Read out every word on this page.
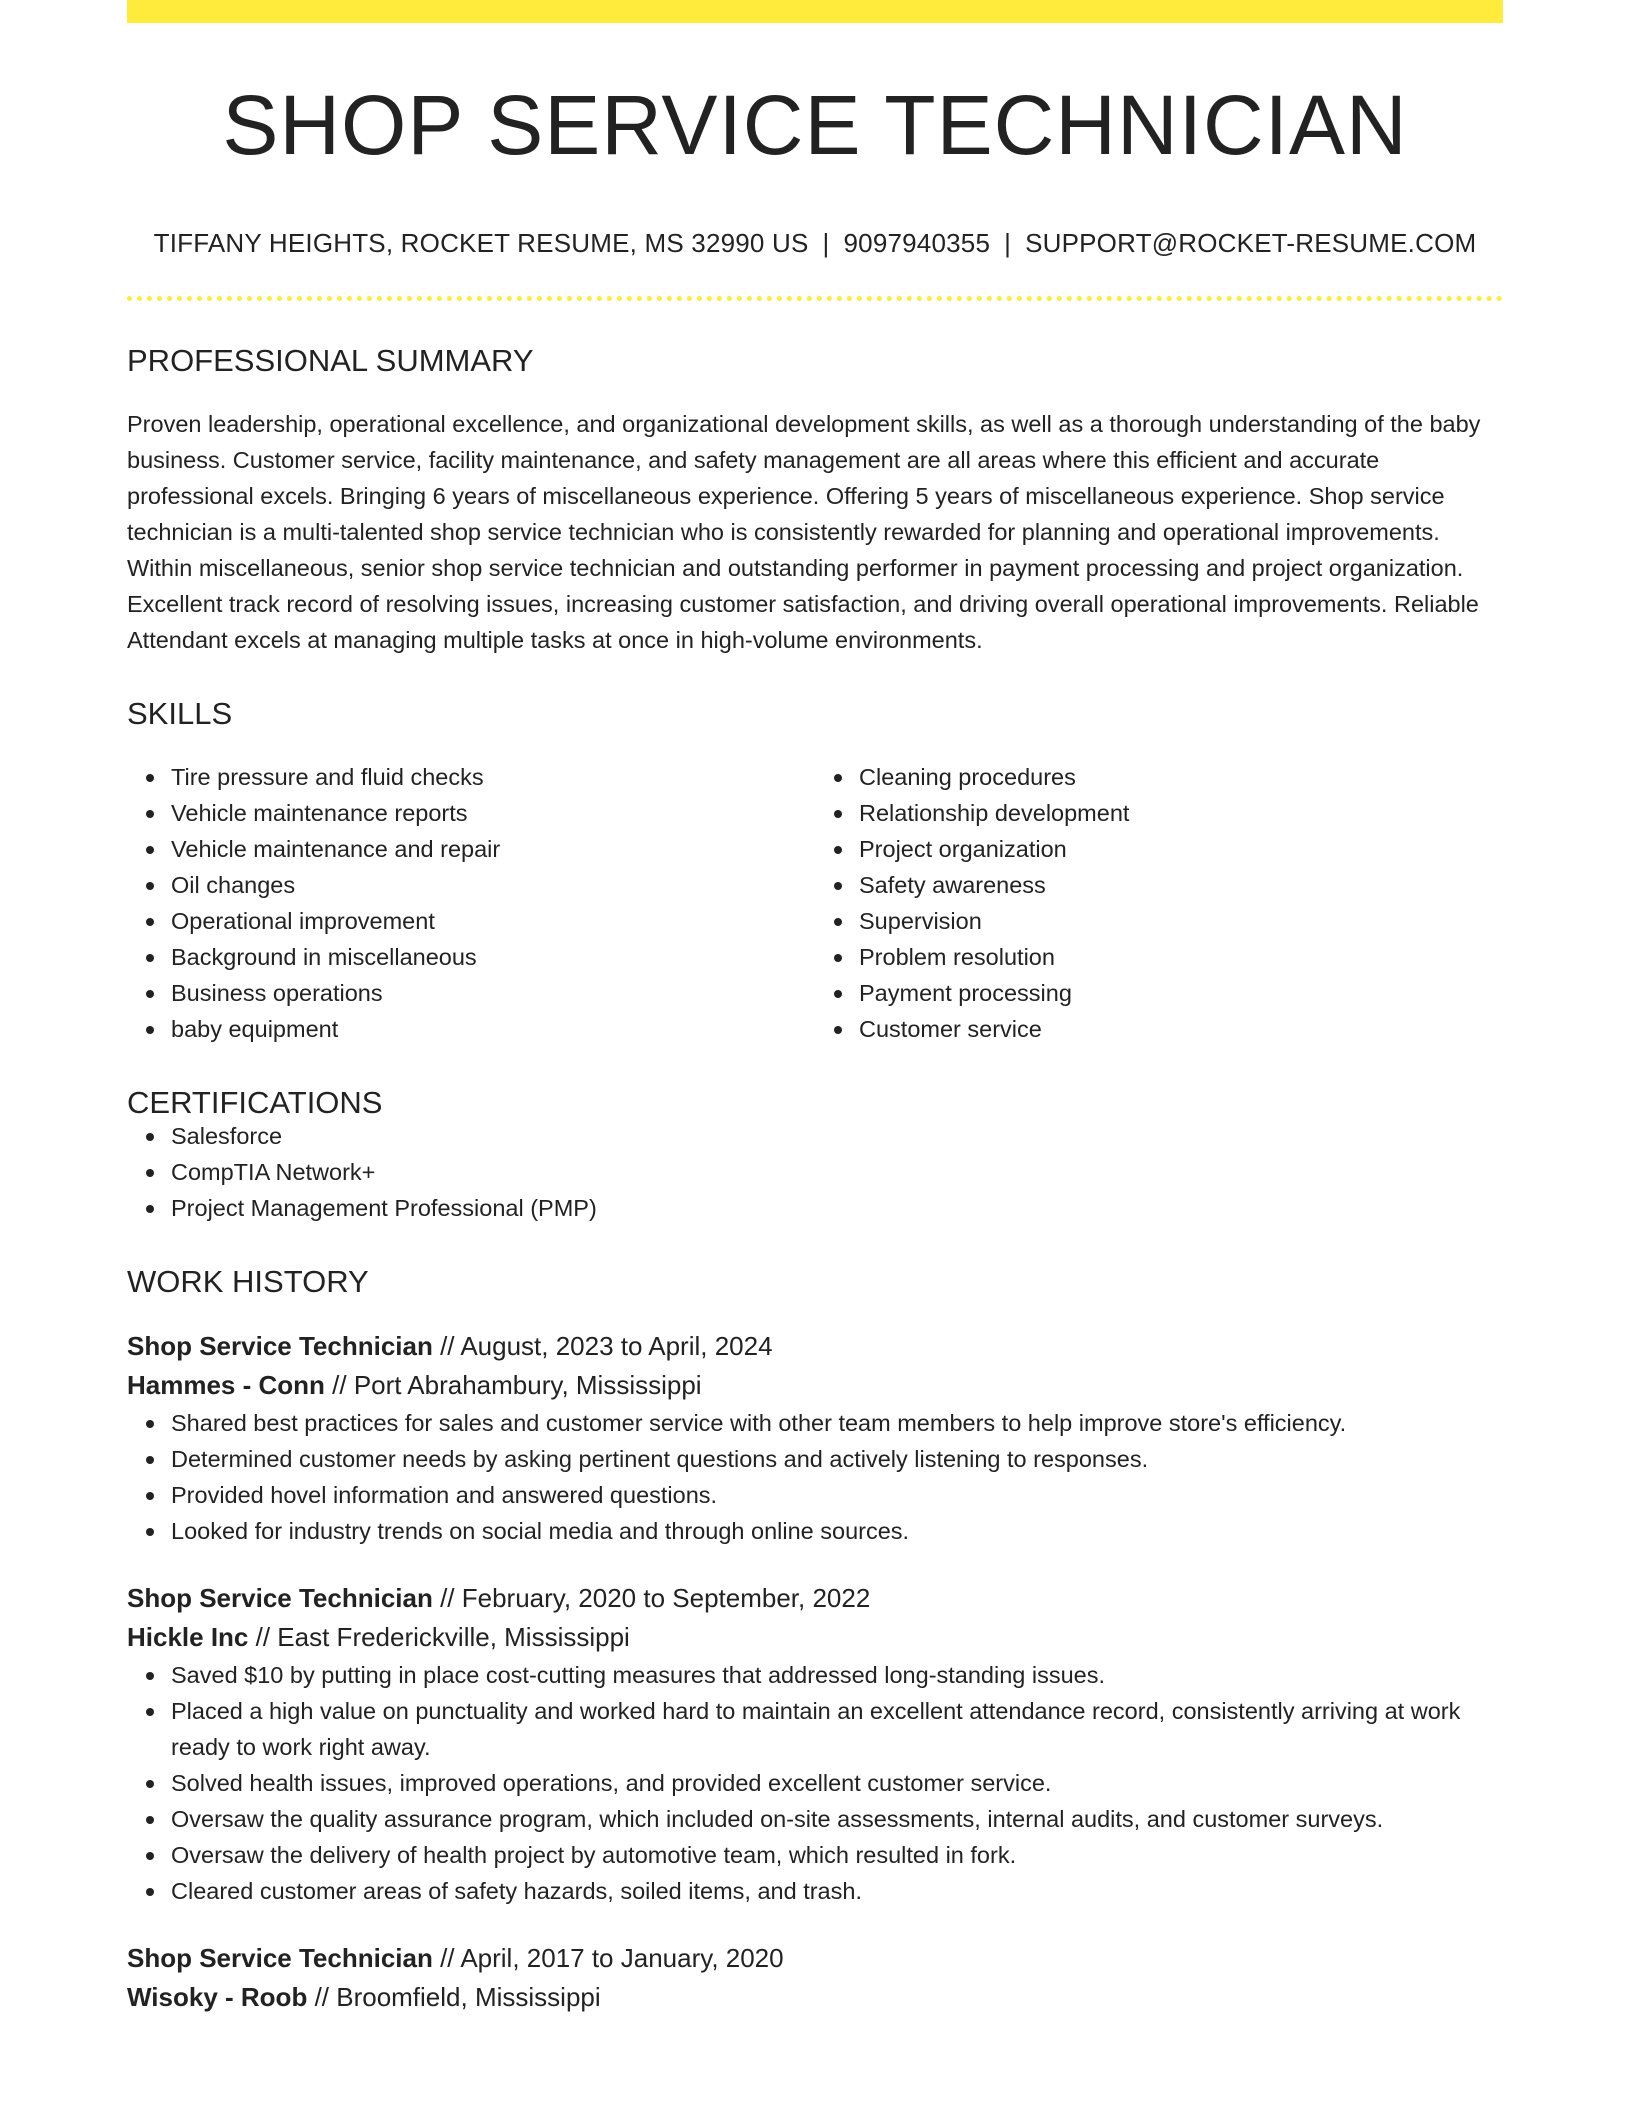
SHOP SERVICE TECHNICIAN
TIFFANY HEIGHTS, ROCKET RESUME, MS 32990 US | 9097940355 | SUPPORT@ROCKET-RESUME.COM
PROFESSIONAL SUMMARY
Proven leadership, operational excellence, and organizational development skills, as well as a thorough understanding of the baby business. Customer service, facility maintenance, and safety management are all areas where this efficient and accurate professional excels. Bringing 6 years of miscellaneous experience. Offering 5 years of miscellaneous experience. Shop service technician is a multi-talented shop service technician who is consistently rewarded for planning and operational improvements. Within miscellaneous, senior shop service technician and outstanding performer in payment processing and project organization. Excellent track record of resolving issues, increasing customer satisfaction, and driving overall operational improvements. Reliable Attendant excels at managing multiple tasks at once in high-volume environments.
SKILLS
Tire pressure and fluid checks
Vehicle maintenance reports
Vehicle maintenance and repair
Oil changes
Operational improvement
Background in miscellaneous
Business operations
baby equipment
Cleaning procedures
Relationship development
Project organization
Safety awareness
Supervision
Problem resolution
Payment processing
Customer service
CERTIFICATIONS
Salesforce
CompTIA Network+
Project Management Professional (PMP)
WORK HISTORY
Shop Service Technician // August, 2023 to April, 2024
Hammes - Conn // Port Abrahambury, Mississippi
Shared best practices for sales and customer service with other team members to help improve store's efficiency.
Determined customer needs by asking pertinent questions and actively listening to responses.
Provided hovel information and answered questions.
Looked for industry trends on social media and through online sources.
Shop Service Technician // February, 2020 to September, 2022
Hickle Inc // East Frederickville, Mississippi
Saved $10 by putting in place cost-cutting measures that addressed long-standing issues.
Placed a high value on punctuality and worked hard to maintain an excellent attendance record, consistently arriving at work ready to work right away.
Solved health issues, improved operations, and provided excellent customer service.
Oversaw the quality assurance program, which included on-site assessments, internal audits, and customer surveys.
Oversaw the delivery of health project by automotive team, which resulted in fork.
Cleared customer areas of safety hazards, soiled items, and trash.
Shop Service Technician // April, 2017 to January, 2020
Wisoky - Roob // Broomfield, Mississippi
